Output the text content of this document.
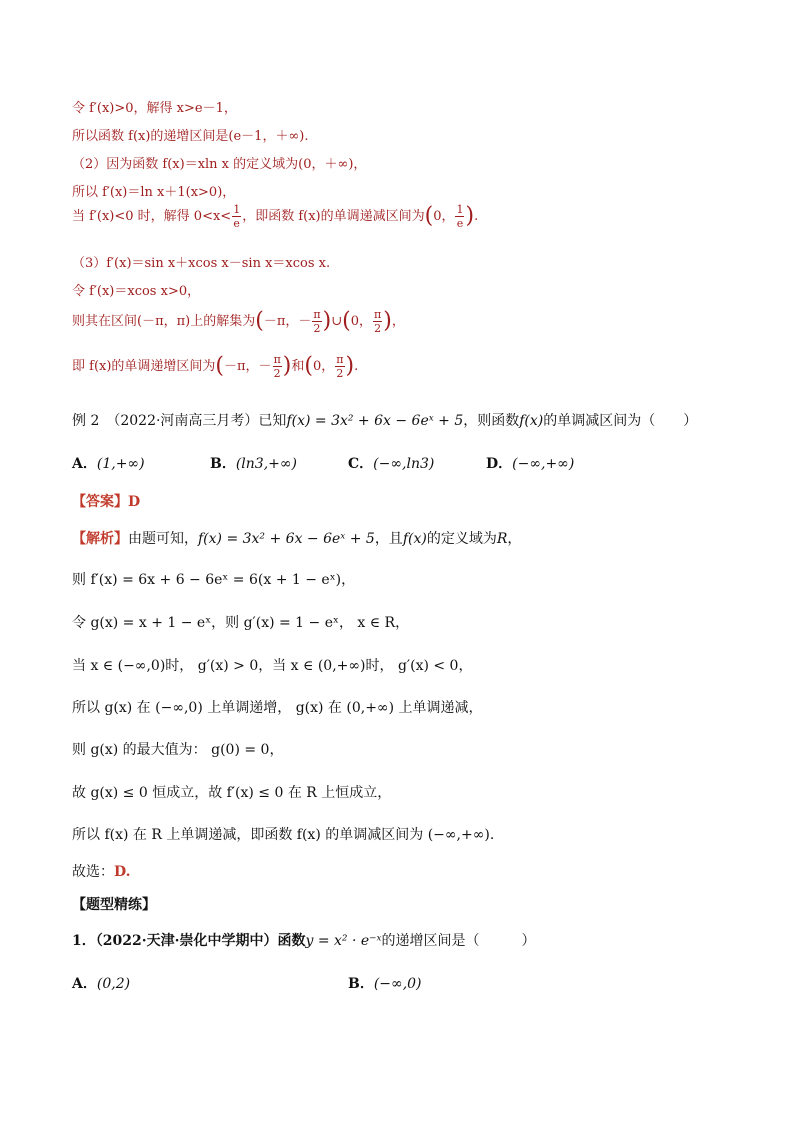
令 f′(x)>0，解得 x>e－1，
所以函数 f(x)的递增区间是(e－1，＋∞).
（2）因为函数 f(x)＝xln x 的定义域为(0，＋∞)，
所以 f′(x)＝ln x＋1(x>0)，
当 f′(x)<0 时，解得 $0<x< \frac{1}{e}$ ，即函数 f(x)的单调递减区间为(0， $\frac{1}{e}$ ).
（3）f′(x)＝sin x＋xcos x－sin x＝xcos x.
令 f′(x)＝xcos x>0，
则其在区间(－π，π)上的解集为(－π，－ $\frac{\pi}{2}$ )∪(0， $\frac{\pi}{2}$ )，
即 f(x)的单调递增区间为(－π，－ $\frac{\pi}{2}$ )和(0， $\frac{\pi}{2}$ ).
例 2　（2022·河南高三月考）已知f(x) = 3x² + 6x − 6eˣ + 5，则函数f(x)的单调减区间为（　　）
A．(1,+∞)	B．(ln3,+∞)	C．(−∞,ln3)	D．(−∞,+∞)
【答案】D
【解析】由题可知，f(x) = 3x² + 6x − 6eˣ + 5，且f(x)的定义域为R，
则 f′(x) = 6x + 6 − 6eˣ = 6(x + 1 − eˣ)，
令 g(x) = x + 1 − eˣ，则 g′(x) = 1 − eˣ， x ∈ R，
当 x ∈ (−∞,0)时， g′(x) > 0，当 x ∈ (0,+∞)时， g′(x) < 0，
所以 g(x) 在 (−∞,0) 上单调递增， g(x) 在 (0,+∞) 上单调递减，
则 g(x) 的最大值为： g(0) = 0，
故 g(x) ≤ 0 恒成立，故 f′(x) ≤ 0 在 R 上恒成立，
所以 f(x) 在 R 上单调递减，即函数 f(x) 的单调减区间为 (−∞,+∞).
故选：D.
【题型精练】
1．（2022·天津·崇化中学期中）函数y = x² · e⁻ˣ的递增区间是（　　　）
A．(0,2)	B．(−∞,0)
